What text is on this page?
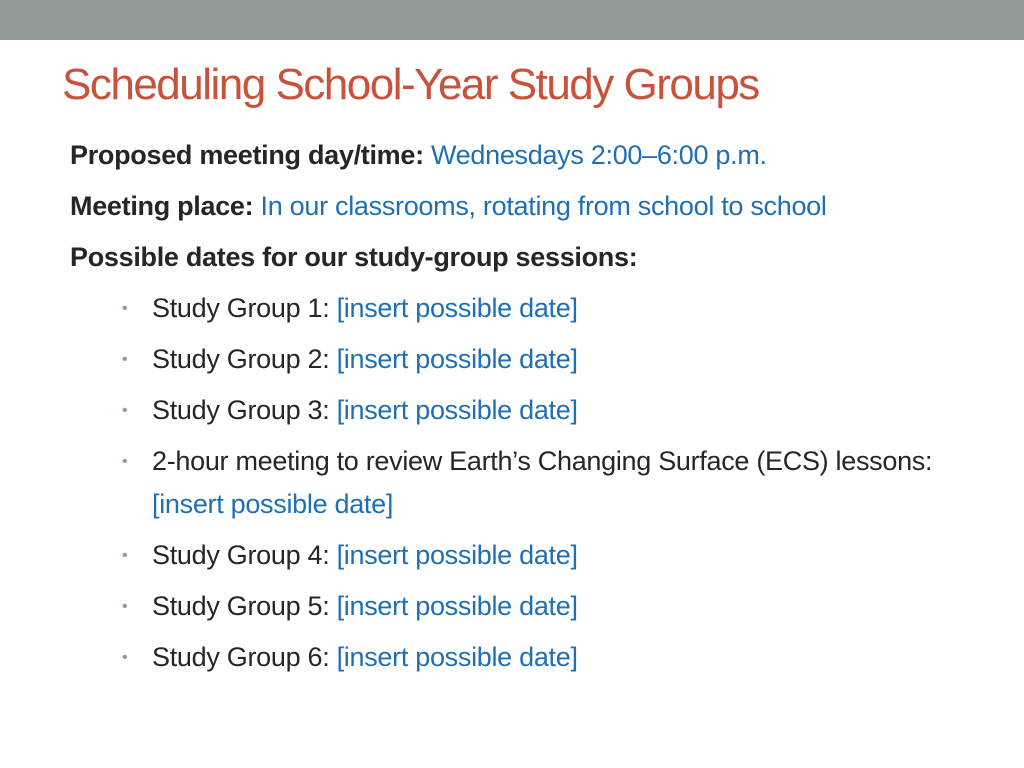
Scheduling School-Year Study Groups

Proposed meeting day/time: Wednesdays 2:00–6:00 p.m.

Meeting place: In our classrooms, rotating from school to school

Possible dates for our study-group sessions:

• Study Group 1: [insert possible date]
• Study Group 2: [insert possible date]
• Study Group 3: [insert possible date]
• 2-hour meeting to review Earth’s Changing Surface (ECS) lessons: [insert possible date]
• Study Group 4: [insert possible date]
• Study Group 5: [insert possible date]
• Study Group 6: [insert possible date]
